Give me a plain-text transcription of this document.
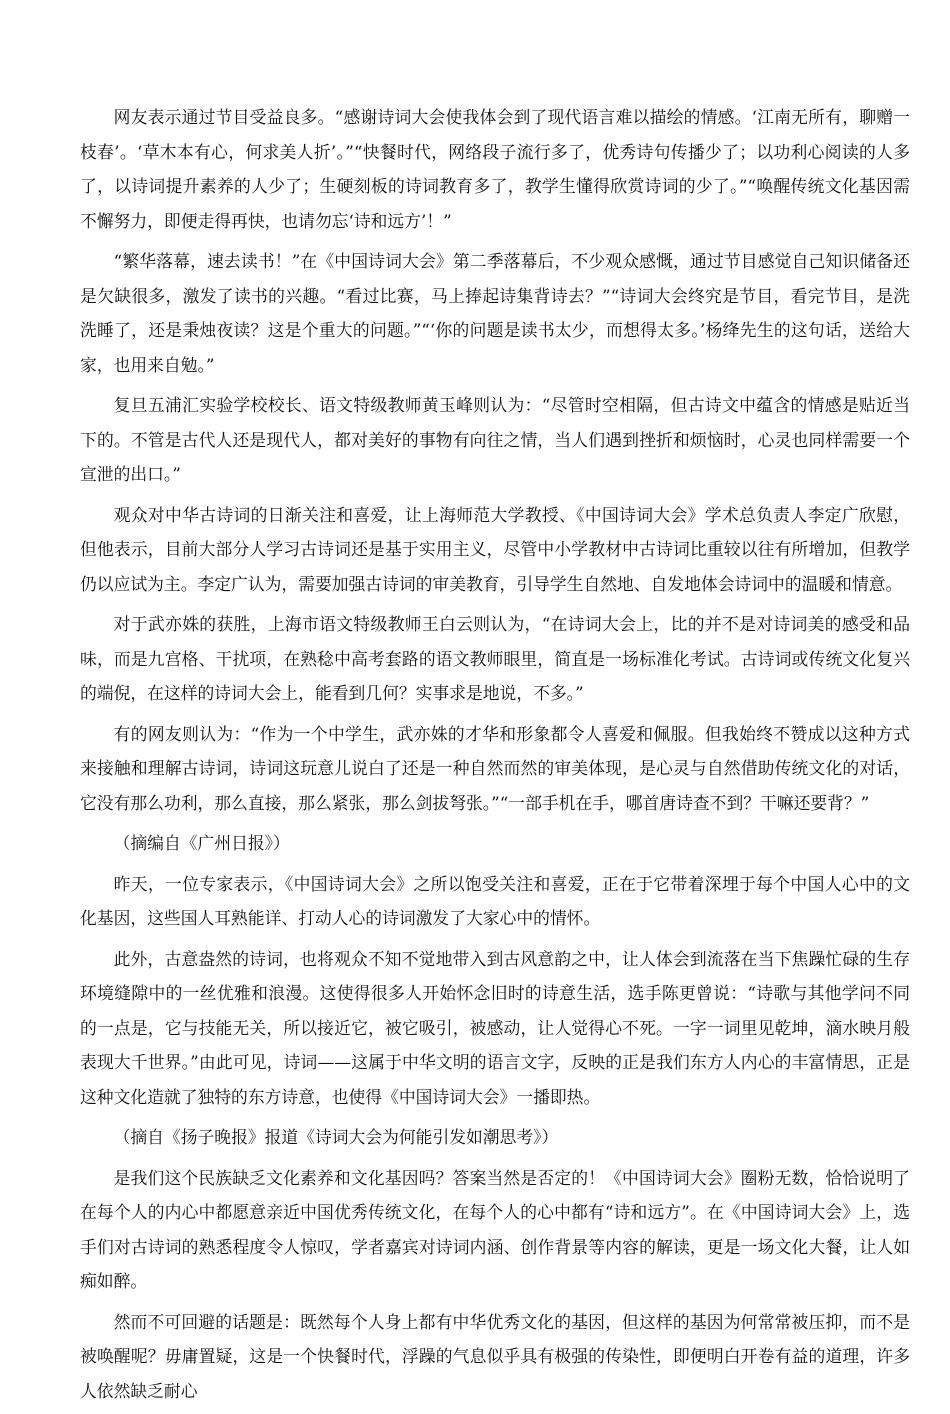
网友表示通过节目受益良多。“感谢诗词大会使我体会到了现代语言难以描绘的情感。‘江南无所有，聊赠一枝春’。‘草木本有心，何求美人折’。”“快餐时代，网络段子流行多了，优秀诗句传播少了；以功利心阅读的人多了，以诗词提升素养的人少了；生硬刻板的诗词教育多了，教学生懂得欣赏诗词的少了。”“唤醒传统文化基因需不懈努力，即便走得再快，也请勿忘‘诗和远方’！”

“繁华落幕，速去读书！”在《中国诗词大会》第二季落幕后，不少观众感慨，通过节目感觉自己知识储备还是欠缺很多，激发了读书的兴趣。“看过比赛，马上捧起诗集背诗去？”“诗词大会终究是节目，看完节目，是洗洗睡了，还是秉烛夜读？这是个重大的问题。”“‘你的问题是读书太少，而想得太多。’杨绛先生的这句话，送给大家，也用来自勉。”

复旦五浦汇实验学校校长、语文特级教师黄玉峰则认为：“尽管时空相隔，但古诗文中蕴含的情感是贴近当下的。不管是古代人还是现代人，都对美好的事物有向往之情，当人们遇到挫折和烦恼时，心灵也同样需要一个宣泄的出口。”

观众对中华古诗词的日渐关注和喜爱，让上海师范大学教授、《中国诗词大会》学术总负责人李定广欣慰，但他表示，目前大部分人学习古诗词还是基于实用主义，尽管中小学教材中古诗词比重较以往有所增加，但教学仍以应试为主。李定广认为，需要加强古诗词的审美教育，引导学生自然地、自发地体会诗词中的温暖和情意。

对于武亦姝的获胜，上海市语文特级教师王白云则认为，“在诗词大会上，比的并不是对诗词美的感受和品味，而是九宫格、干扰项，在熟稔中高考套路的语文教师眼里，简直是一场标准化考试。古诗词或传统文化复兴的端倪，在这样的诗词大会上，能看到几何？实事求是地说，不多。”

有的网友则认为：“作为一个中学生，武亦姝的才华和形象都令人喜爱和佩服。但我始终不赞成以这种方式来接触和理解古诗词，诗词这玩意儿说白了还是一种自然而然的审美体现，是心灵与自然借助传统文化的对话，它没有那么功利，那么直接，那么紧张，那么剑拔弩张。”“一部手机在手，哪首唐诗查不到？干嘛还要背？”

（摘编自《广州日报》）

昨天，一位专家表示，《中国诗词大会》之所以饱受关注和喜爱，正在于它带着深埋于每个中国人心中的文化基因，这些国人耳熟能详、打动人心的诗词激发了大家心中的情怀。

此外，古意盎然的诗词，也将观众不知不觉地带入到古风意韵之中，让人体会到流落在当下焦躁忙碌的生存环境缝隙中的一丝优雅和浪漫。这使得很多人开始怀念旧时的诗意生活，选手陈更曾说：“诗歌与其他学问不同的一点是，它与技能无关，所以接近它，被它吸引，被感动，让人觉得心不死。一字一词里见乾坤，滴水映月般表现大千世界。”由此可见，诗词——这属于中华文明的语言文字，反映的正是我们东方人内心的丰富情思，正是这种文化造就了独特的东方诗意，也使得《中国诗词大会》一播即热。

（摘自《扬子晚报》报道《诗词大会为何能引发如潮思考》）

是我们这个民族缺乏文化素养和文化基因吗？答案当然是否定的！《中国诗词大会》圈粉无数，恰恰说明了在每个人的内心中都愿意亲近中国优秀传统文化，在每个人的心中都有“诗和远方”。在《中国诗词大会》上，选手们对古诗词的熟悉程度令人惊叹，学者嘉宾对诗词内涵、创作背景等内容的解读，更是一场文化大餐，让人如痴如醉。

然而不可回避的话题是：既然每个人身上都有中华优秀文化的基因，但这样的基因为何常常被压抑，而不是被唤醒呢？毋庸置疑，这是一个快餐时代，浮躁的气息似乎具有极强的传染性，即便明白开卷有益的道理，许多人依然缺乏耐心
